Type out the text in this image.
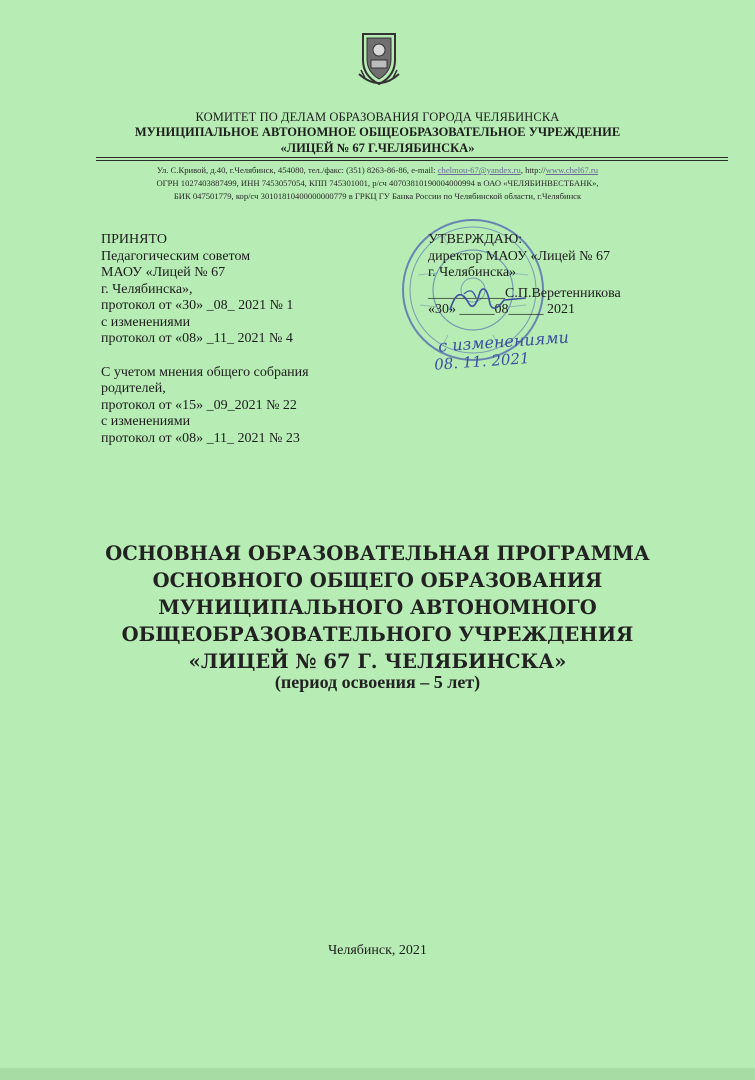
КОМИТЕТ ПО ДЕЛАМ ОБРАЗОВАНИЯ ГОРОДА ЧЕЛЯБИНСКА
МУНИЦИПАЛЬНОЕ АВТОНОМНОЕ ОБЩЕОБРАЗОВАТЕЛЬНОЕ УЧРЕЖДЕНИЕ
«ЛИЦЕЙ № 67 Г.ЧЕЛЯБИНСКА»
Ул. С.Кривой, д.40, г.Челябинск, 454080, тел./факс: (351) 8263-86-86, e-mail: chelmou-67@yandex.ru, http://www.chel67.ru
ОГРН 1027403887499, ИНН 7453057054, КПП 745301001, р/сч 40703810190004000994 в ОАО «ЧЕЛЯБИНВЕСТБАНК»,
БИК 047501779, кор/сч 30101810400000000779 в ГРКЦ ГУ Банка России по Челябинской области, г.Челябинск
ПРИНЯТО
Педагогическим советом
МАОУ «Лицей № 67
г. Челябинска»,
протокол от «30» _08_ 2021 № 1
с изменениями
протокол от «08» _11_ 2021 № 4
С учетом мнения общего собрания
родителей,
протокол от «15» _09_2021 № 22
с изменениями
протокол от «08» _11_ 2021 № 23
УТВЕРЖДАЮ:
директор МАОУ «Лицей № 67
г. Челябинска»
___________С.П.Веретенникова
«30» _____08_____ 2021
с изменениями
08. 11. 2021
ОСНОВНАЯ ОБРАЗОВАТЕЛЬНАЯ ПРОГРАММА
ОСНОВНОГО ОБЩЕГО ОБРАЗОВАНИЯ
МУНИЦИПАЛЬНОГО АВТОНОМНОГО
ОБЩЕОБРАЗОВАТЕЛЬНОГО УЧРЕЖДЕНИЯ
«ЛИЦЕЙ № 67 Г. ЧЕЛЯБИНСКА»
(период освоения – 5 лет)
Челябинск, 2021
